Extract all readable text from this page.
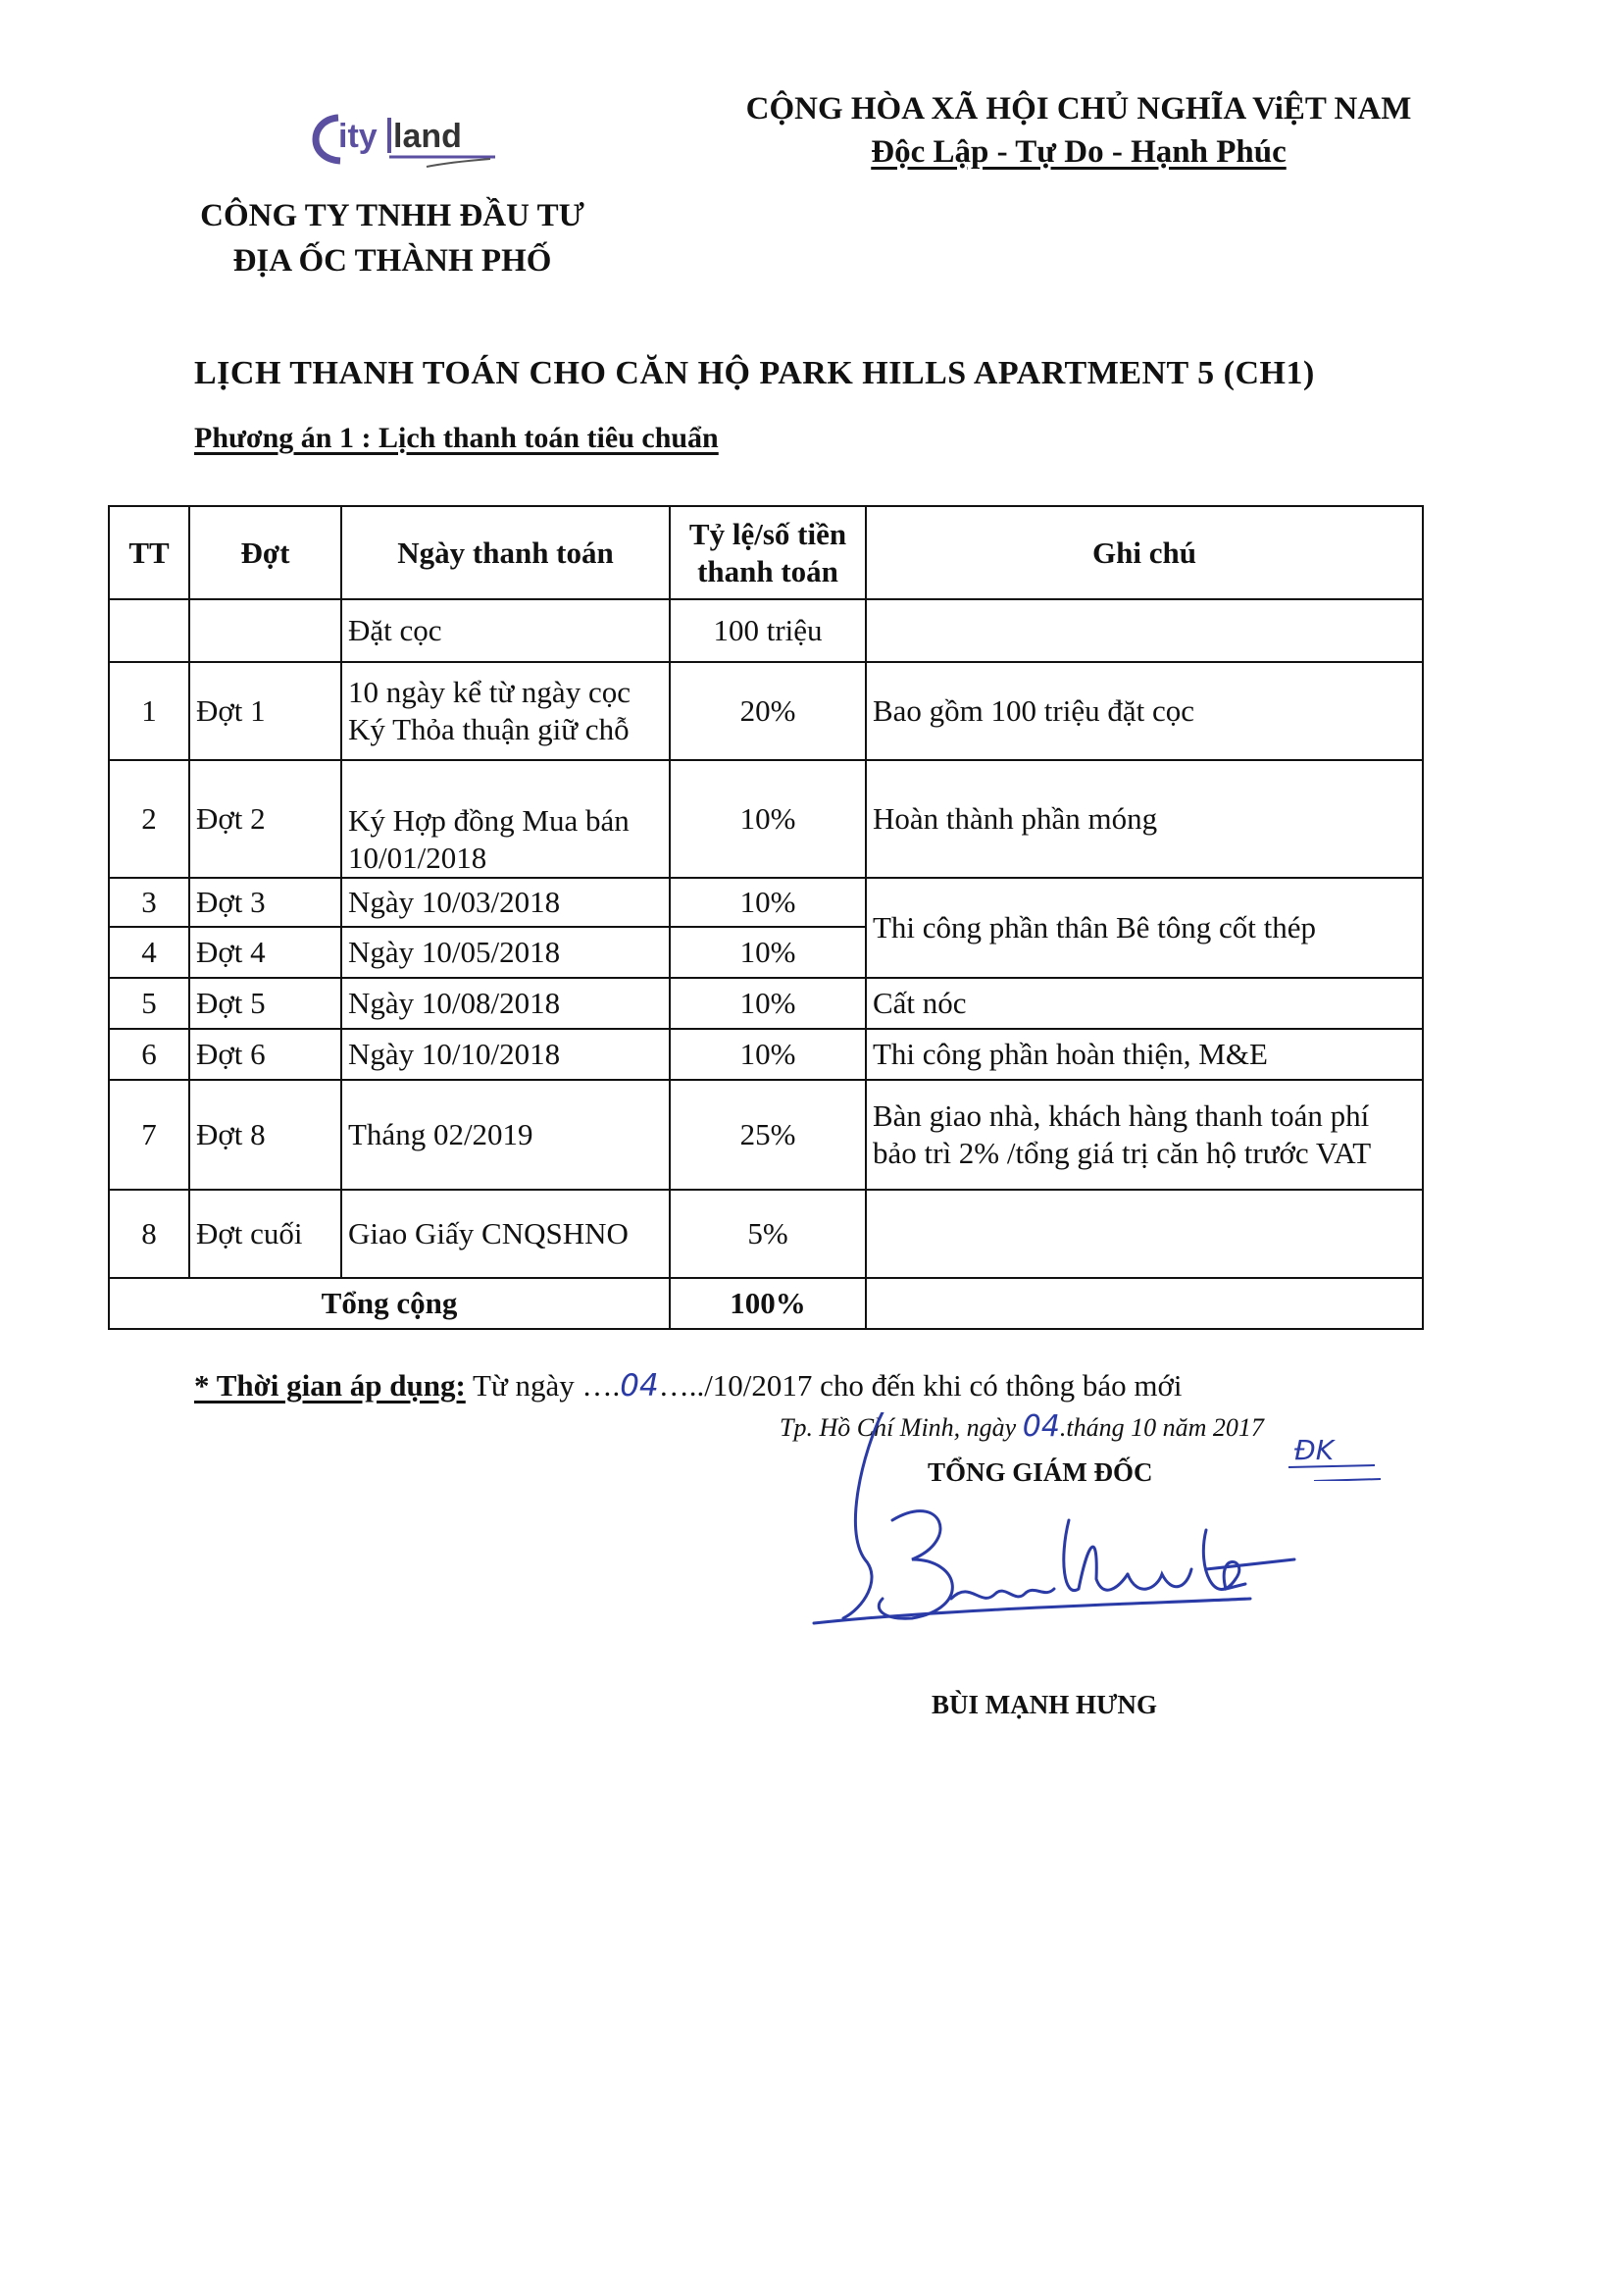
ity land
CÔNG TY TNHH ĐẦU TƯ
ĐỊA ỐC THÀNH PHỐ
CỘNG HÒA XÃ HỘI CHỦ NGHĨA ViỆT NAM
Độc Lập - Tự Do - Hạnh Phúc
LỊCH THANH TOÁN CHO CĂN HỘ PARK HILLS APARTMENT 5 (CH1)
Phương án 1 : Lịch thanh toán tiêu chuẩn
TT	Đợt	Ngày thanh toán	Tỷ lệ/số tiền
thanh toán	Ghi chú
		Đặt cọc	100 triệu	
1	Đợt 1	10 ngày kể từ ngày cọc
Ký Thỏa thuận giữ chỗ	20%	Bao gồm 100 triệu đặt cọc
2	Đợt 2	Ký Hợp đồng Mua bán
10/01/2018	10%	Hoàn thành phần móng
3	Đợt 3	Ngày 10/03/2018	10%	Thi công phần thân Bê tông cốt thép
4	Đợt 4	Ngày 10/05/2018	10%	
5	Đợt 5	Ngày 10/08/2018	10%	Cất nóc
6	Đợt 6	Ngày 10/10/2018	10%	Thi công phần hoàn thiện, M&E
7	Đợt 8	Tháng 02/2019	25%	Bàn giao nhà, khách hàng thanh toán phí
bảo trì 2% /tổng giá trị căn hộ trước VAT
8	Đợt cuối	Giao Giấy CNQSHNO	5%	
Tổng cộng			100%	
* Thời gian áp dụng: Từ ngày ….04…../10/2017 cho đến khi có thông báo mới
Tp. Hồ Chí Minh, ngày 04.tháng 10 năm 2017
TỔNG GIÁM ĐỐC
ĐK
BÙI MẠNH HƯNG
